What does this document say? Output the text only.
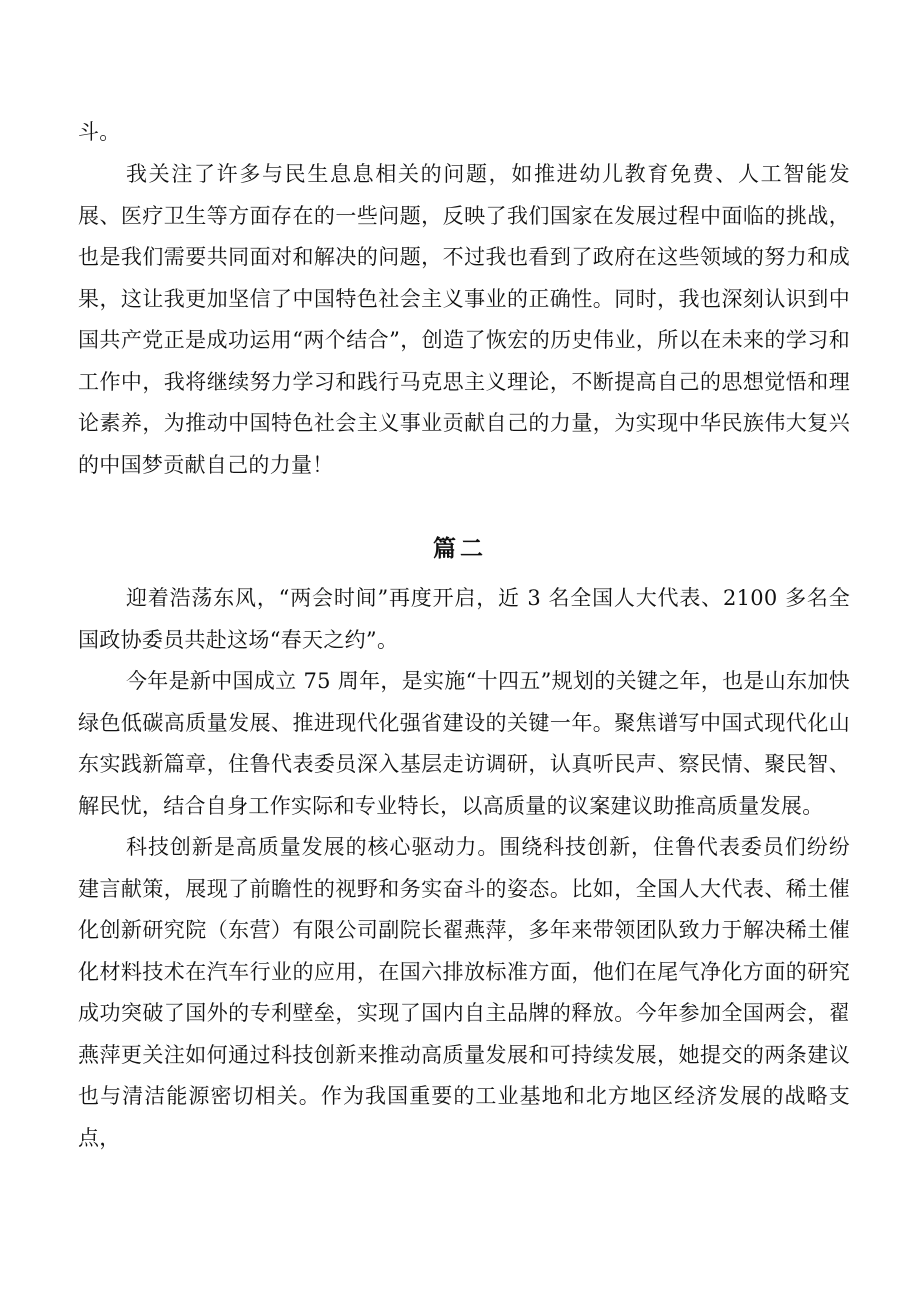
斗。
我关注了许多与民生息息相关的问题，如推进幼儿教育免费、人工智能发展、医疗卫生等方面存在的一些问题，反映了我们国家在发展过程中面临的挑战，也是我们需要共同面对和解决的问题，不过我也看到了政府在这些领域的努力和成果，这让我更加坚信了中国特色社会主义事业的正确性。同时，我也深刻认识到中国共产党正是成功运用“两个结合”，创造了恢宏的历史伟业，所以在未来的学习和工作中，我将继续努力学习和践行马克思主义理论，不断提高自己的思想觉悟和理论素养，为推动中国特色社会主义事业贡献自己的力量，为实现中华民族伟大复兴的中国梦贡献自己的力量！
篇二
迎着浩荡东风，“两会时间”再度开启，近 3 名全国人大代表、2100 多名全国政协委员共赴这场“春天之约”。
今年是新中国成立 75 周年，是实施“十四五”规划的关键之年，也是山东加快绿色低碳高质量发展、推进现代化强省建设的关键一年。聚焦谱写中国式现代化山东实践新篇章，住鲁代表委员深入基层走访调研，认真听民声、察民情、聚民智、解民忧，结合自身工作实际和专业特长，以高质量的议案建议助推高质量发展。
科技创新是高质量发展的核心驱动力。围绕科技创新，住鲁代表委员们纷纷建言献策，展现了前瞻性的视野和务实奋斗的姿态。比如，全国人大代表、稀土催化创新研究院（东营）有限公司副院长翟燕萍，多年来带领团队致力于解决稀土催化材料技术在汽车行业的应用，在国六排放标准方面，他们在尾气净化方面的研究成功突破了国外的专利壁垒，实现了国内自主品牌的释放。今年参加全国两会，翟燕萍更关注如何通过科技创新来推动高质量发展和可持续发展，她提交的两条建议也与清洁能源密切相关。作为我国重要的工业基地和北方地区经济发展的战略支点，
